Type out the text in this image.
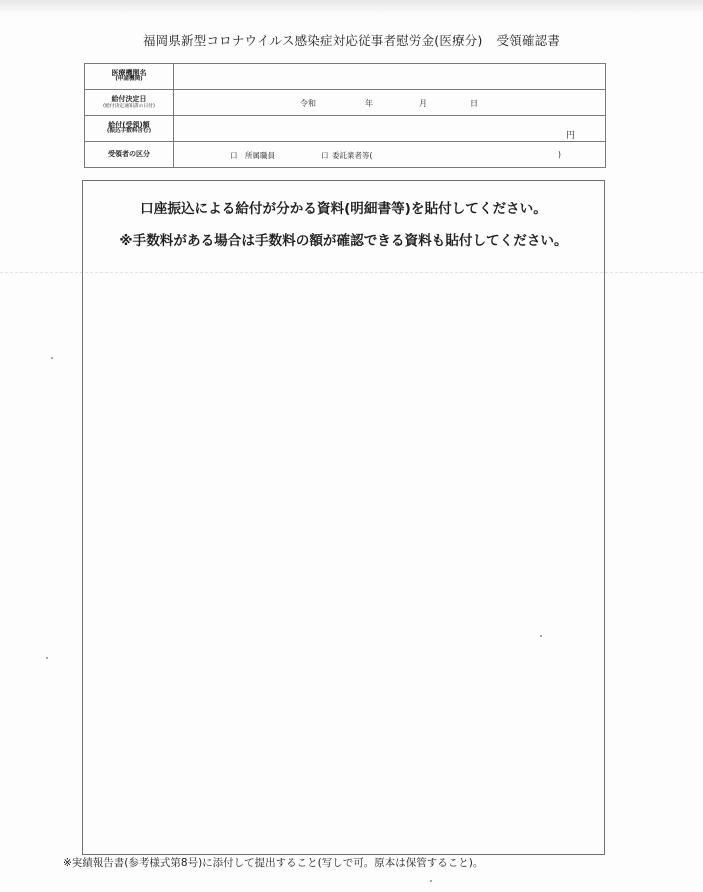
福岡県新型コロナウイルス感染症対応従事者慰労金(医療分) 受領確認書
医療機関名
(申請機関)	

給付決定日
(給付決定通知書の日付)	令和 年 月 日

給付(受領)額
(振込手数料含む)	円

受領者の区分	口 所属職員 口 委託業者等( )
口座振込による給付が分かる資料(明細書等)を貼付してください。
※手数料がある場合は手数料の額が確認できる資料も貼付してください。
※実績報告書(参考様式第8号)に添付して提出すること(写しで可。原本は保管すること)。
